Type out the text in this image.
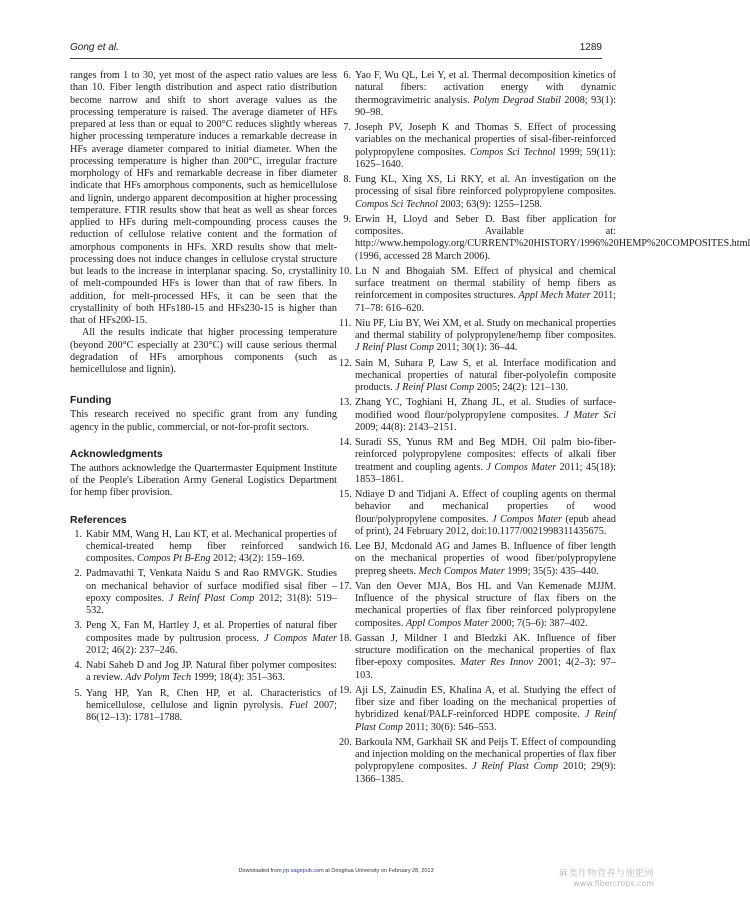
Gong et al.	1289

ranges from 1 to 30, yet most of the aspect ratio values are less than 10. Fiber length distribution and aspect ratio distribution become narrow and shift to short average values as the processing temperature is raised. The average diameter of HFs prepared at less than or equal to 200°C reduces slightly whereas higher processing temperature induces a remarkable decrease in HFs average diameter compared to initial diameter. When the processing temperature is higher than 200°C, irregular fracture morphology of HFs and remarkable decrease in fiber diameter indicate that HFs amorphous components, such as hemicellulose and lignin, undergo apparent decomposition at higher processing temperature. FTIR results show that heat as well as shear forces applied to HFs during melt-compounding process causes the reduction of cellulose relative content and the formation of amorphous components in HFs. XRD results show that melt-processing does not induce changes in cellulose crystal structure but leads to the increase in interplanar spacing. So, crystallinity of melt-compounded HFs is lower than that of raw fibers. In addition, for melt-processed HFs, it can be seen that the crystallinity of both HFs180-15 and HFs230-15 is higher than that of HFs200-15.

All the results indicate that higher processing temperature (beyond 200°C especially at 230°C) will cause serious thermal degradation of HFs amorphous components (such as hemicellulose and lignin).

Funding

This research received no specific grant from any funding agency in the public, commercial, or not-for-profit sectors.

Acknowledgments

The authors acknowledge the Quartermaster Equipment Institute of the People's Liberation Army General Logistics Department for hemp fiber provision.

References
1. Kabir MM, Wang H, Lau KT, et al. Mechanical properties of chemical-treated hemp fiber reinforced sandwich composites. Compos Pt B-Eng 2012; 43(2): 159–169.
2. Padmavathi T, Venkata Naidu S and Rao RMVGK. Studies on mechanical behavior of surface modified sisal fiber – epoxy composites. J Reinf Plast Comp 2012; 31(8): 519–532.
3. Peng X, Fan M, Hartley J, et al. Properties of natural fiber composites made by pultrusion process. J Compos Mater 2012; 46(2): 237–246.
4. Nabi Saheb D and Jog JP. Natural fiber polymer composites: a review. Adv Polym Tech 1999; 18(4): 351–363.
5. Yang HP, Yan R, Chen HP, et al. Characteristics of hemicellulose, cellulose and lignin pyrolysis. Fuel 2007; 86(12–13): 1781–1788.
6. Yao F, Wu QL, Lei Y, et al. Thermal decomposition kinetics of natural fibers: activation energy with dynamic thermogravimetric analysis. Polym Degrad Stabil 2008; 93(1): 90–98.
7. Joseph PV, Joseph K and Thomas S. Effect of processing variables on the mechanical properties of sisal-fiber-reinforced polypropylene composites. Compos Sci Technol 1999; 59(11): 1625–1640.
8. Fung KL, Xing XS, Li RKY, et al. An investigation on the processing of sisal fibre reinforced polypropylene composites. Compos Sci Technol 2003; 63(9): 1255–1258.
9. Erwin H, Lloyd and Seber D. Bast fiber application for composites. Available at: http://www.hempology.org/CURRENT%20HISTORY/1996%20HEMP%20COMPOSITES.html (1996, accessed 28 March 2006).
10. Lu N and Bhogaiah SM. Effect of physical and chemical surface treatment on thermal stability of hemp fibers as reinforcement in composites structures. Appl Mech Mater 2011; 71–78: 616–620.
11. Niu PF, Liu BY, Wei XM, et al. Study on mechanical properties and thermal stability of polypropylene/hemp fiber composites. J Reinf Plast Comp 2011; 30(1): 36–44.
12. Sain M, Suhara P, Law S, et al. Interface modification and mechanical properties of natural fiber-polyolefin composite products. J Reinf Plast Comp 2005; 24(2): 121–130.
13. Zhang YC, Toghiani H, Zhang JL, et al. Studies of surface-modified wood flour/polypropylene composites. J Mater Sci 2009; 44(8): 2143–2151.
14. Suradi SS, Yunus RM and Beg MDH. Oil palm bio-fiber-reinforced polypropylene composites: effects of alkali fiber treatment and coupling agents. J Compos Mater 2011; 45(18): 1853–1861.
15. Ndiaye D and Tidjani A. Effect of coupling agents on thermal behavior and mechanical properties of wood flour/polypropylene composites. J Compos Mater (epub ahead of print), 24 February 2012, doi:10.1177/0021998311435675.
16. Lee BJ, Mcdonald AG and James B. Influence of fiber length on the mechanical properties of wood fiber/polypropylene prepreg sheets. Mech Compos Mater 1999; 35(5): 435–440.
17. Van den Oever MJA, Bos HL and Van Kemenade MJJM. Influence of the physical structure of flax fibers on the mechanical properties of flax fiber reinforced polypropylene composites. Appl Compos Mater 2000; 7(5–6): 387–402.
18. Gassan J, Mildner I and Bledzki AK. Influence of fiber structure modification on the mechanical properties of flax fiber-epoxy composites. Mater Res Innov 2001; 4(2–3): 97–103.
19. Aji LS, Zainudin ES, Khalina A, et al. Studying the effect of fiber size and fiber loading on the mechanical properties of hybridized kenaf/PALF-reinforced HDPE composite. J Reinf Plast Comp 2011; 30(6): 546–553.
20. Barkoula NM, Garkhail SK and Peijs T. Effect of compounding and injection molding on the mechanical properties of flax fiber polypropylene composites. J Reinf Plast Comp 2010; 29(9): 1366–1385.
Downloaded from jrp.sagepub.com at Donghua University on February 28, 2013	麻类作物营养与施肥网
www.fibercrops.com
